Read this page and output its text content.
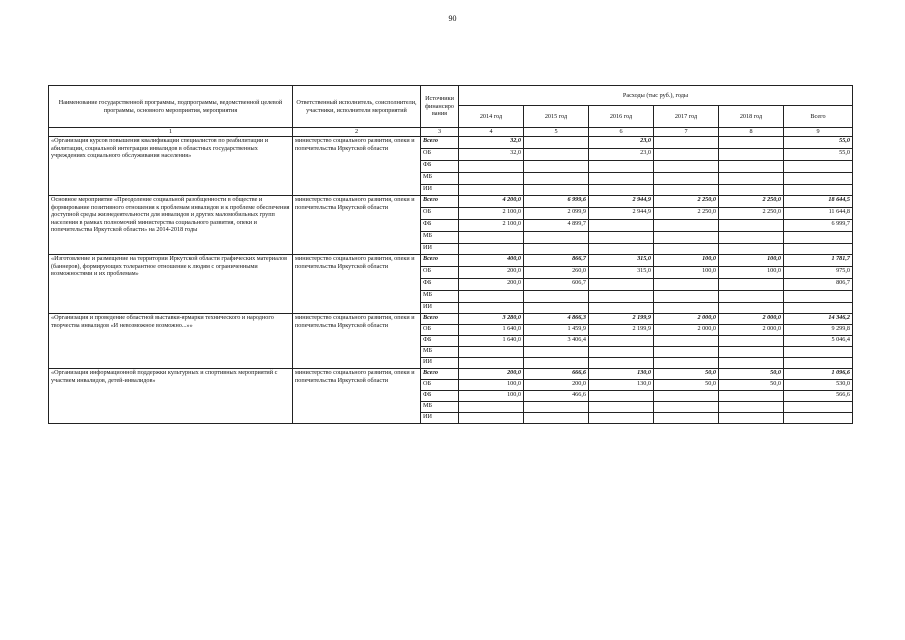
90
Наименование государственной программы, подпрограммы, ведомственной целевой программы, основного мероприятия, мероприятия	Ответственный исполнитель, соисполнители, участники, исполнители мероприятий	Источники финансиро вания	Расходы (тыс руб.), годы					
			2014 год	2015 год	2016 год	2017 год	2018 год	Всего
1	2	3	4	5	6	7	8	9
«Организация курсов повышения квалификации специалистов по реабилитации и абилитации, социальной интеграции инвалидов в областных государственных учреждениях социального обслуживания населения»	министерство социального развития, опеки и попечительства Иркутской области	Всего	32,0		23,0			55,0
		ОБ	32,0		23,0			55,0
		ФБ						
		МБ						
		ИИ						
Основное мероприятие «Преодоление социальной разобщенности в обществе и формирование позитивного отношения к проблемам инвалидов и к проблеме обеспечения доступной среды жизнедеятельности для инвалидов и других маломобильных групп населения в рамках полномочий министерства социального развития, опеки и попечительства Иркутской области» на 2014-2018 годы	министерство социального развития, опеки и попечительства Иркутской области	Всего	4 200,0	6 999,6	2 944,9	2 250,0	2 250,0	18 644,5
		ОБ	2 100,0	2 099,9	2 944,9	2 250,0	2 250,0	11 644,8
		ФБ	2 100,0	4 899,7				6 999,7
		МБ						
		ИИ						
«Изготовление и размещение на территории Иркутской области графических материалов (баннеров), формирующих толерантное отношение к людям с ограниченными возможностями и их проблемам»	министерство социального развития, опеки и попечительства Иркутской области	Всего	400,0	866,7	315,0	100,0	100,0	1 781,7
		ОБ	200,0	260,0	315,0	100,0	100,0	975,0
		ФБ	200,0	606,7				806,7
		МБ						
		ИИ						
«Организация и проведение областной выставки-ярмарки технического и народного творчества инвалидов «И невозможное возможно...»»	министерство социального развития, опеки и попечительства Иркутской области	Всего	3 280,0	4 866,3	2 199,9	2 000,0	2 000,0	14 346,2
		ОБ	1 640,0	1 459,9	2 199,9	2 000,0	2 000,0	9 299,8
		ФБ	1 640,0	3 406,4				5 046,4
		МБ						
		ИИ						
«Организация информационной поддержки культурных и спортивных мероприятий с участием инвалидов, детей-инвалидов»	министерство социального развития, опеки и попечительства Иркутской области	Всего	200,0	666,6	130,0	50,0	50,0	1 096,6
		ОБ	100,0	200,0	130,0	50,0	50,0	530,0
		ФБ	100,0	466,6				566,6
		МБ						
		ИИ						
